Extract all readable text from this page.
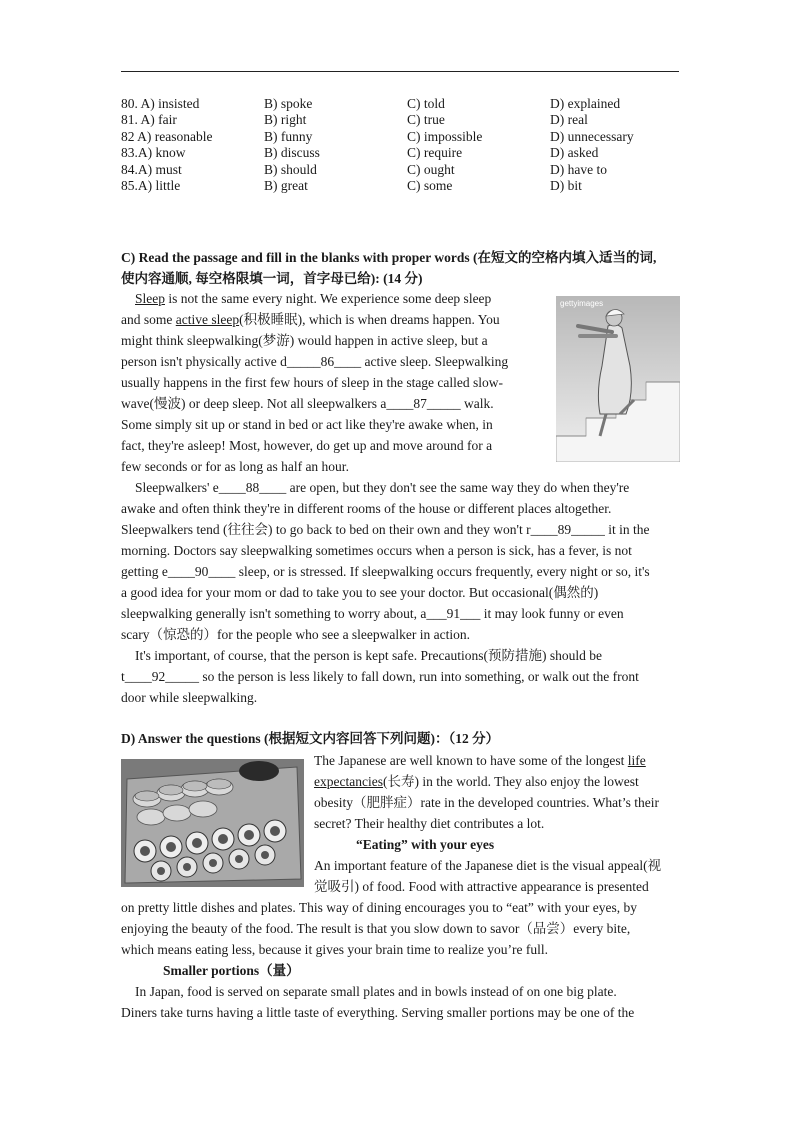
80. A) insisted	B) spoke	C) told	D) explained
81. A) fair	B) right	C) true	D) real
82 A) reasonable	B) funny	C) impossible	D) unnecessary
83.A) know	B) discuss	C) require	D) asked
84.A) must	B) should	C) ought	D) have to
85.A) little	B) great	C) some	D) bit
C) Read the passage and fill in the blanks with proper words (在短文的空格内填入适当的词,
使内容通顺, 每空格限填一词，首字母已给): (14 分)
Sleep is not the same every night. We experience some deep sleep
and some active sleep(积极睡眠), which is when dreams happen. You
might think sleepwalking(梦游) would happen in active sleep, but a
person isn't physically active d_____86____ active sleep. Sleepwalking
usually happens in the first few hours of sleep in the stage called slow-
wave(慢波) or deep sleep. Not all sleepwalkers a____87_____ walk.
Some simply sit up or stand in bed or act like they're awake when, in
fact, they're asleep! Most, however, do get up and move around for a
few seconds or for as long as half an hour.
gettyimages
Sleepwalkers' e____88____ are open, but they don't see the same way they do when they're
awake and often think they're in different rooms of the house or different places altogether.
Sleepwalkers tend (往往会) to go back to bed on their own and they won't r____89_____ it in the
morning. Doctors say sleepwalking sometimes occurs when a person is sick, has a fever, is not
getting e____90____ sleep, or is stressed. If sleepwalking occurs frequently, every night or so, it's
a good idea for your mom or dad to take you to see your doctor. But occasional(偶然的)
sleepwalking generally isn't something to worry about, a___91___ it may look funny or even
scary（惊恐的）for the people who see a sleepwalker in action.
It's important, of course, that the person is kept safe. Precautions(预防措施) should be
t____92_____ so the person is less likely to fall down, run into something, or walk out the front
door while sleepwalking.
D) Answer the questions (根据短文内容回答下列问题)：（12 分）
The Japanese are well known to have some of the longest life
expectancies(长寿) in the world. They also enjoy the lowest
obesity（肥胖症）rate in the developed countries. What’s their
secret? Their healthy diet contributes a lot.
“Eating” with your eyes
An important feature of the Japanese diet is the visual appeal(视
觉吸引) of food. Food with attractive appearance is presented
on pretty little dishes and plates. This way of dining encourages you to “eat” with your eyes, by
enjoying the beauty of the food. The result is that you slow down to savor（品尝）every bite,
which means eating less, because it gives your brain time to realize you’re full.
Smaller portions（量）
In Japan, food is served on separate small plates and in bowls instead of on one big plate.
Diners take turns having a little taste of everything. Serving smaller portions may be one of the
